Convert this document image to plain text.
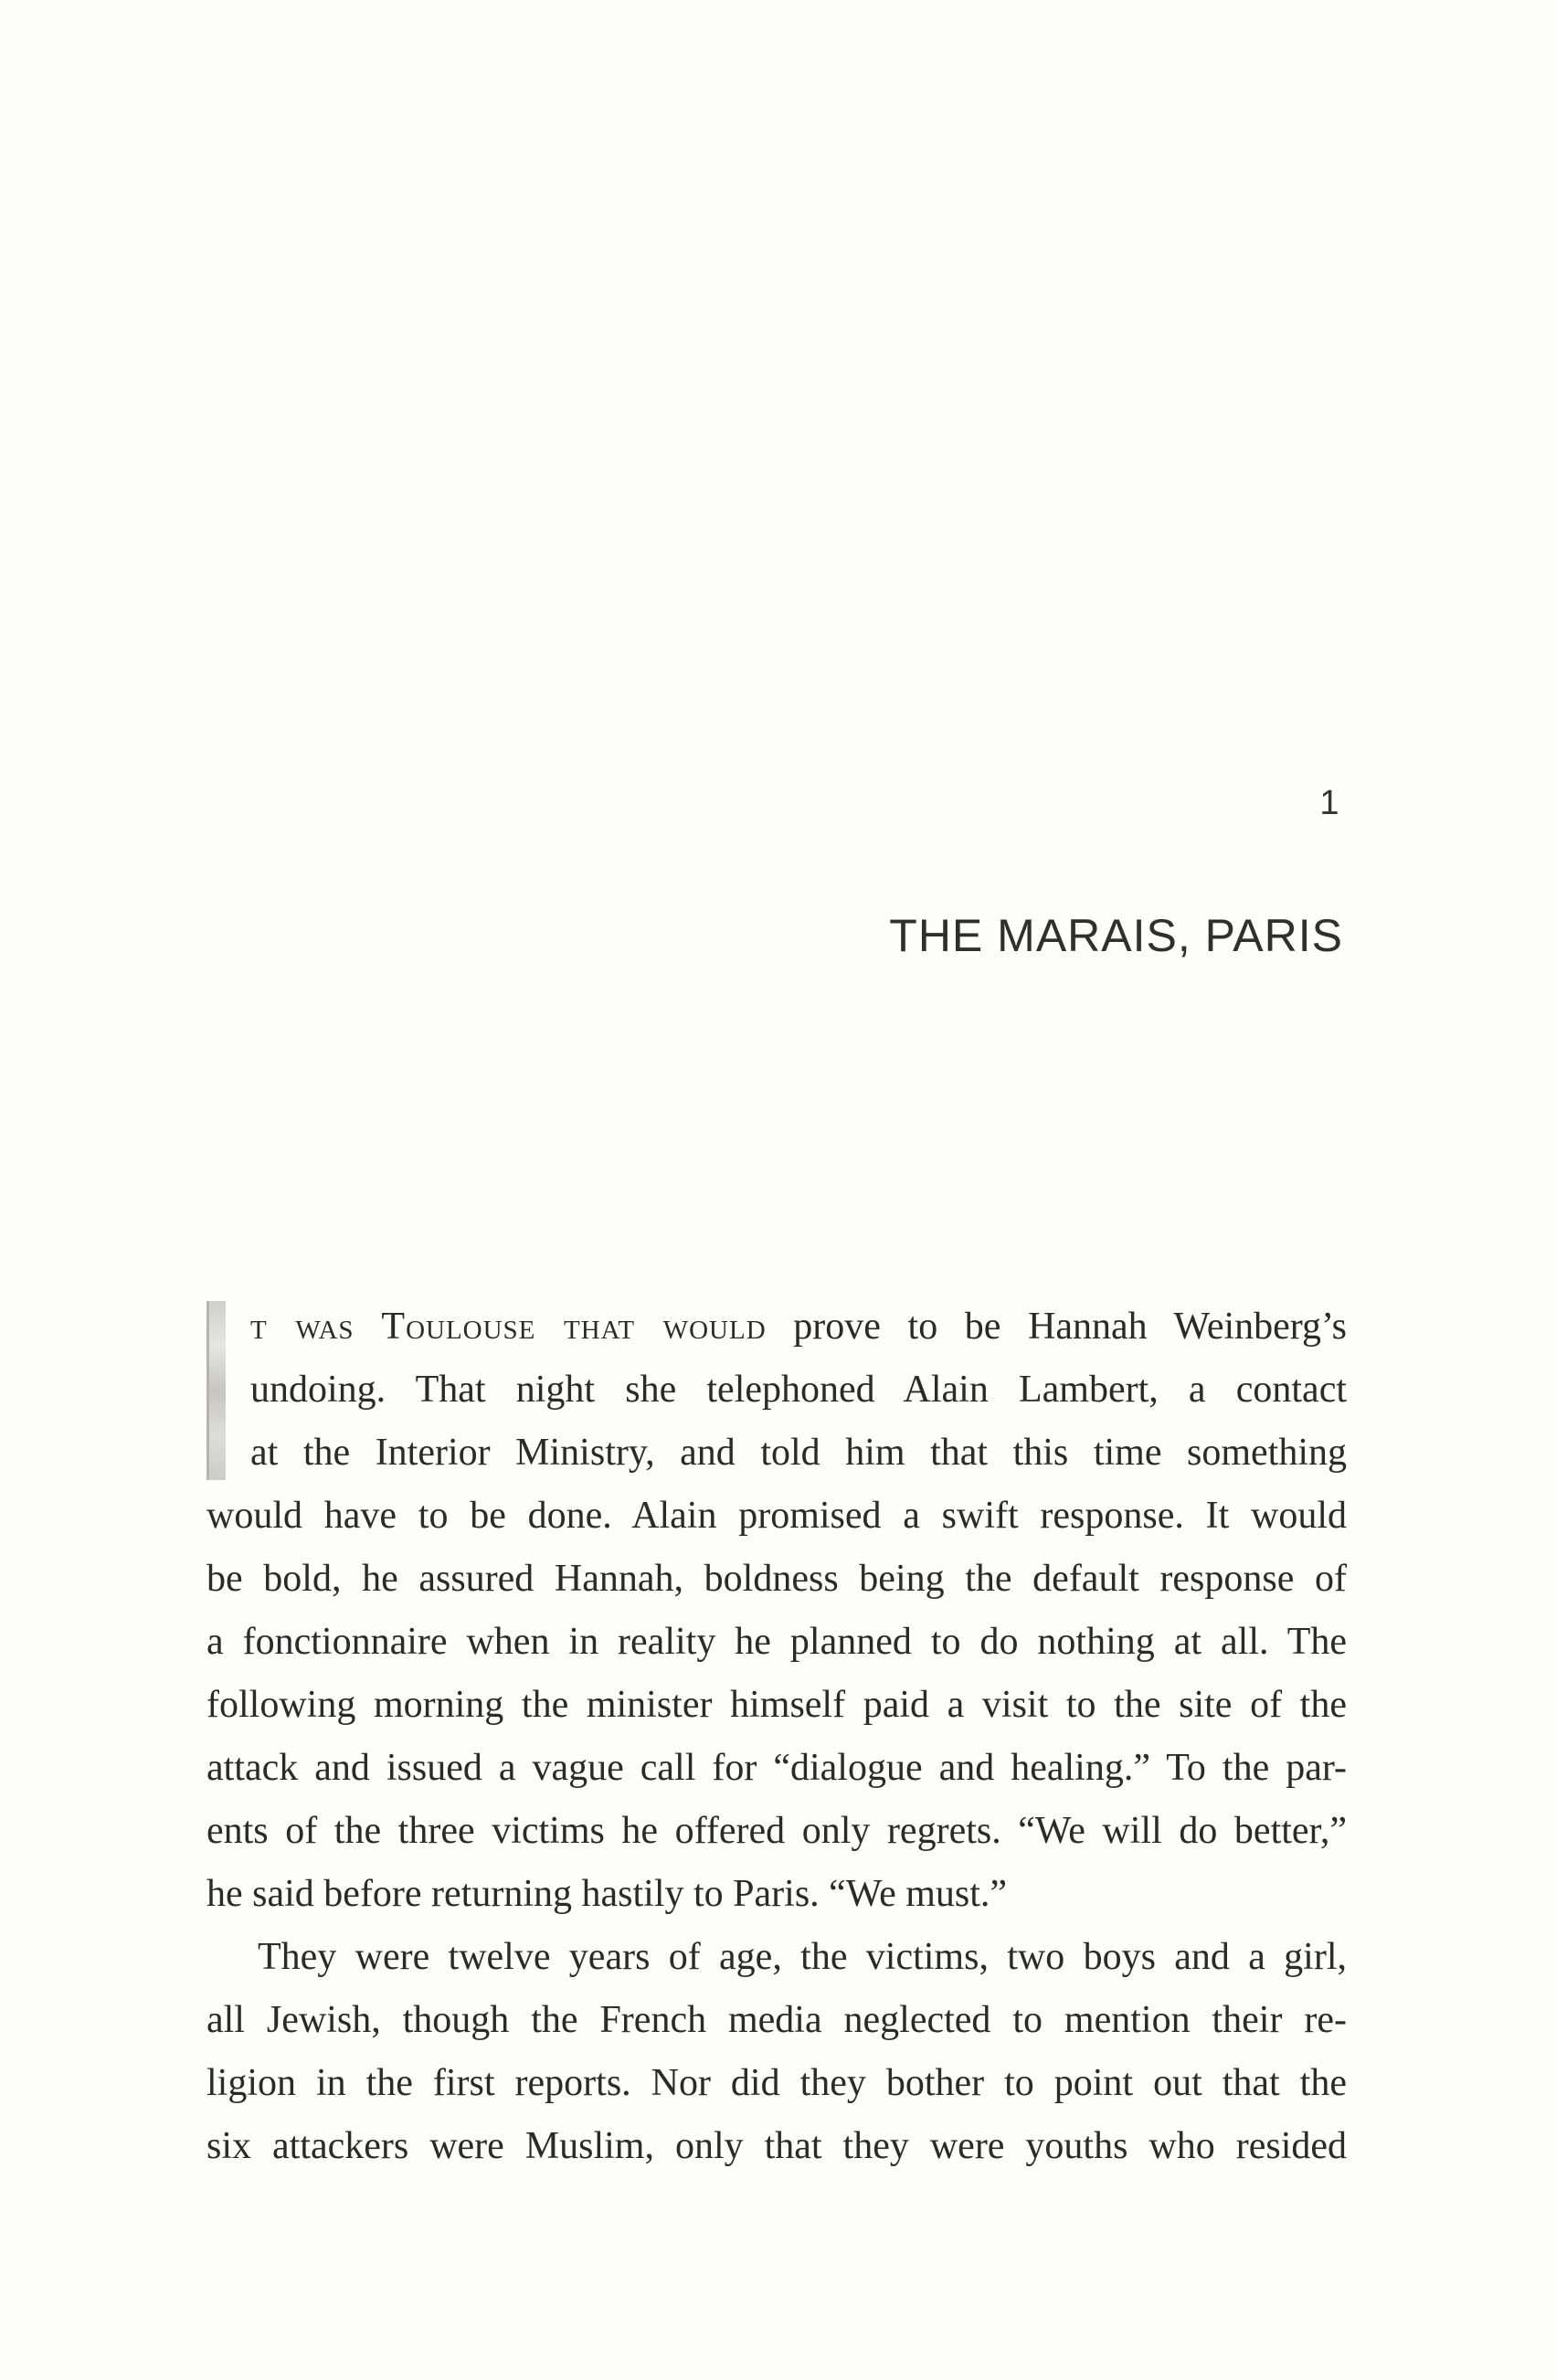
1
THE MARAIS, PARIS
t was Toulouse that would prove to be Hannah Weinberg’s
undoing. That night she telephoned Alain Lambert, a contact
at the Interior Ministry, and told him that this time something
would have to be done. Alain promised a swift response. It would
be bold, he assured Hannah, boldness being the default response of
a fonctionnaire when in reality he planned to do nothing at all. The
following morning the minister himself paid a visit to the site of the
attack and issued a vague call for “dialogue and healing.” To the par-
ents of the three victims he offered only regrets. “We will do better,”
he said before returning hastily to Paris. “We must.”
They were twelve years of age, the victims, two boys and a girl,
all Jewish, though the French media neglected to mention their re-
ligion in the first reports. Nor did they bother to point out that the
six attackers were Muslim, only that they were youths who resided
